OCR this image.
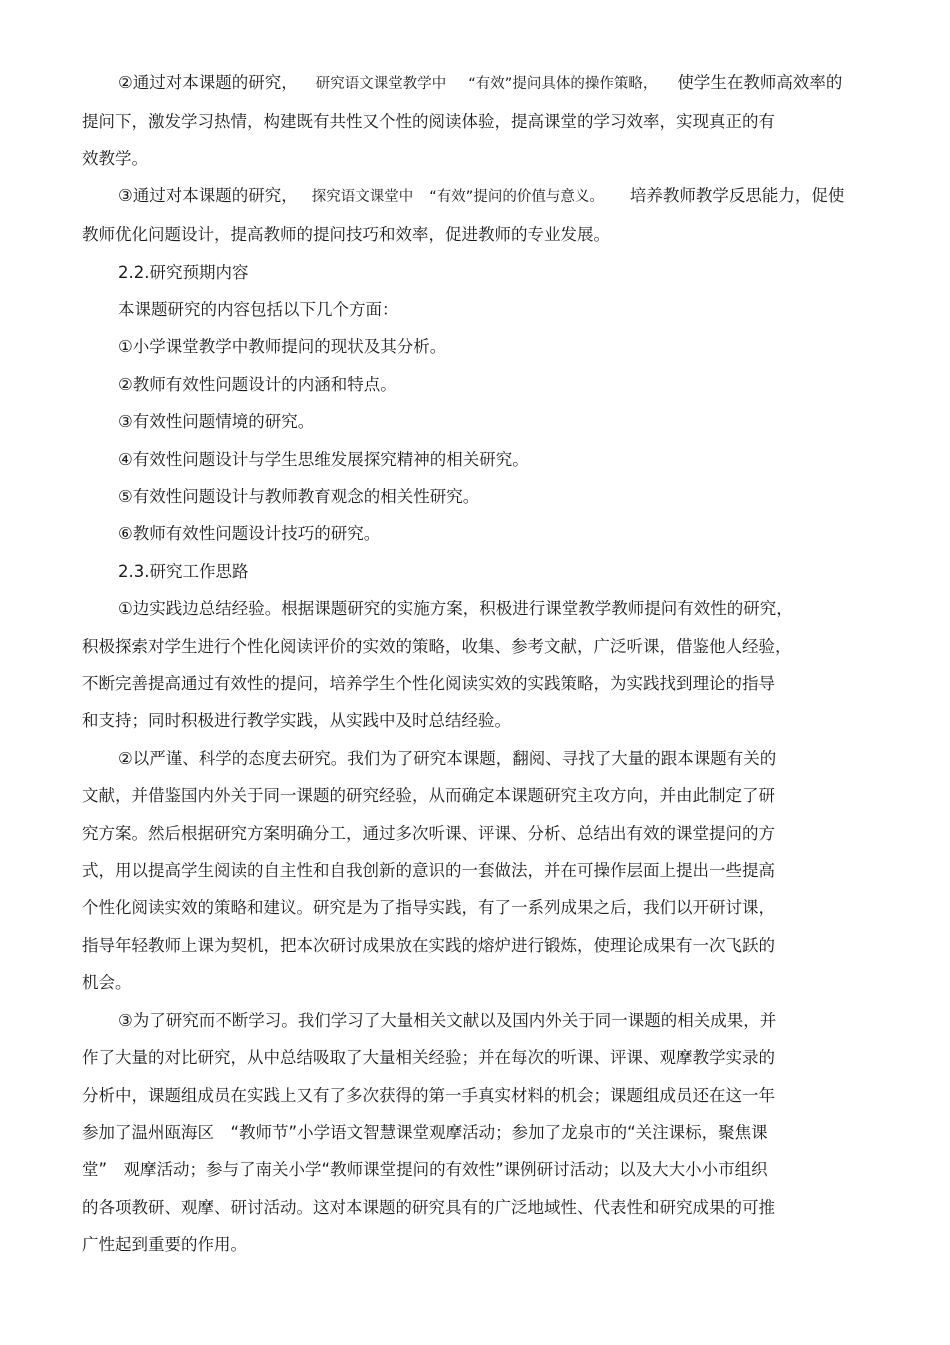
②通过对本课题的研究， 研究语文课堂教学中 “有效”提问具体的操作策略， 使学生在教师高效率的
提问下，激发学习热情，构建既有共性又个性的阅读体验，提高课堂的学习效率，实现真正的有
效教学。
③通过对本课题的研究， 探究语文课堂中 “有效”提问的价值与意义。 培养教师教学反思能力，促使
教师优化问题设计，提高教师的提问技巧和效率，促进教师的专业发展。
2.2.研究预期内容
本课题研究的内容包括以下几个方面：
①小学课堂教学中教师提问的现状及其分析。
②教师有效性问题设计的内涵和特点。
③有效性问题情境的研究。
④有效性问题设计与学生思维发展探究精神的相关研究。
⑤有效性问题设计与教师教育观念的相关性研究。
⑥教师有效性问题设计技巧的研究。
2.3.研究工作思路
①边实践边总结经验。根据课题研究的实施方案，积极进行课堂教学教师提问有效性的研究，
积极探索对学生进行个性化阅读评价的实效的策略，收集、参考文献，广泛听课，借鉴他人经验，
不断完善提高通过有效性的提问，培养学生个性化阅读实效的实践策略，为实践找到理论的指导
和支持；同时积极进行教学实践，从实践中及时总结经验。
②以严谨、科学的态度去研究。我们为了研究本课题，翻阅、寻找了大量的跟本课题有关的
文献，并借鉴国内外关于同一课题的研究经验，从而确定本课题研究主攻方向，并由此制定了研
究方案。然后根据研究方案明确分工，通过多次听课、评课、分析、总结出有效的课堂提问的方
式，用以提高学生阅读的自主性和自我创新的意识的一套做法，并在可操作层面上提出一些提高
个性化阅读实效的策略和建议。研究是为了指导实践，有了一系列成果之后，我们以开研讨课，
指导年轻教师上课为契机，把本次研讨成果放在实践的熔炉进行锻炼，使理论成果有一次飞跃的
机会。
③为了研究而不断学习。我们学习了大量相关文献以及国内外关于同一课题的相关成果，并
作了大量的对比研究，从中总结吸取了大量相关经验；并在每次的听课、评课、观摩教学实录的
分析中，课题组成员在实践上又有了多次获得的第一手真实材料的机会；课题组成员还在这一年
参加了温州瓯海区　“教师节”小学语文智慧课堂观摩活动；参加了龙泉市的“关注课标，聚焦课
堂”　观摩活动；参与了南关小学“教师课堂提问的有效性”课例研讨活动；以及大大小小市组织
的各项教研、观摩、研讨活动。这对本课题的研究具有的广泛地域性、代表性和研究成果的可推
广性起到重要的作用。
